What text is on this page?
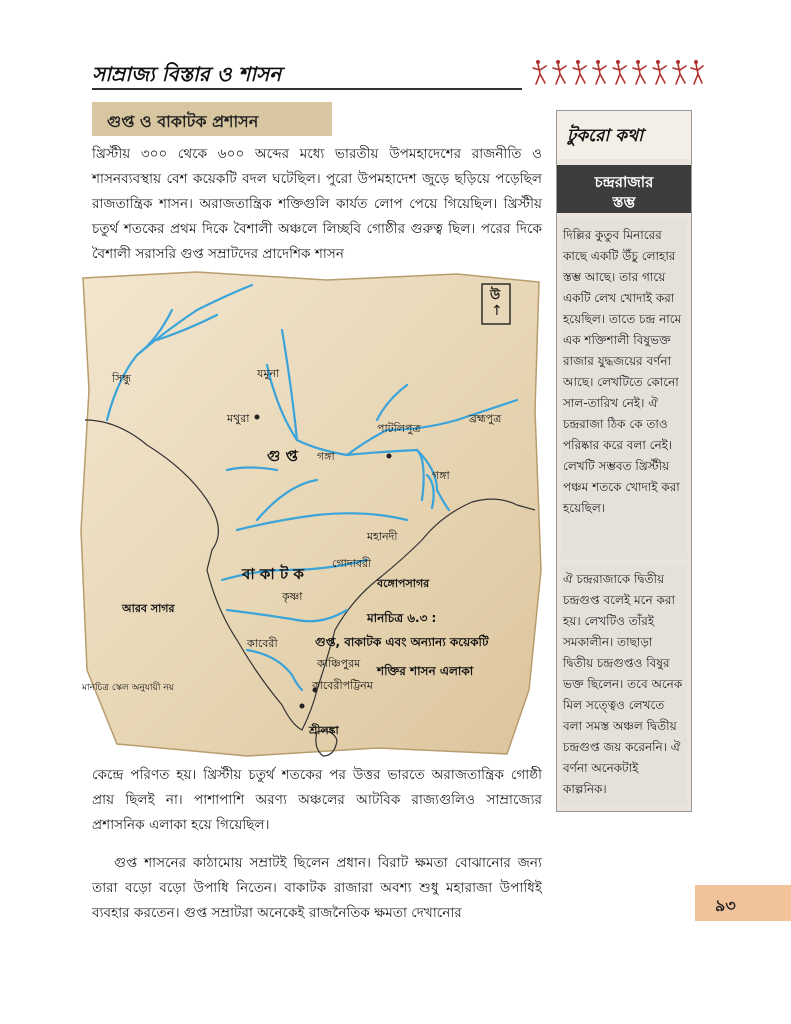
সাম্রাজ্য বিস্তার ও শাসন
গুপ্ত ও বাকাটক প্রশাসন

খ্রিস্টীয় ৩০০ থেকে ৬০০ অব্দের মধ্যে ভারতীয় উপমহাদেশের রাজনীতি ও শাসনব্যবস্থায় বেশ কয়েকটি বদল ঘটেছিল। পুরো উপমহাদেশ জুড়ে ছড়িয়ে পড়েছিল রাজতান্ত্রিক শাসন। অরাজতান্ত্রিক শক্তিগুলি কার্যত লোপ পেয়ে গিয়েছিল। খ্রিস্টীয় চতুর্থ শতকের প্রথম দিকে বৈশালী অঞ্চলে লিচ্ছবি গোষ্ঠীর গুরুত্ব ছিল। পরের দিকে বৈশালী সরাসরি গুপ্ত সম্রাটদের প্রাদেশিক শাসন

উ
↑
সিন্ধু	যমুনা
মথুরা
গঙ্গা
পাটলিপুত্র
ব্রহ্মপুত্র
গু প্ত
গঙ্গা
মহানদী
বা কা ট ক
গোদাবরী
কৃষ্ণা
বঙ্গোপসাগর
আরব সাগর
কাবেরী
কাঞ্চিপুরম
কাবেরীপট্টিনম
শ্রীলঙ্কা
মানচিত্র ৬.৩ :
গুপ্ত, বাকাটক এবং অন্যান্য কয়েকটি
শক্তির শাসন এলাকা
মানচিত্র স্কেল অনুযায়ী নয়

কেন্দ্রে পরিণত হয়। খ্রিস্টীয় চতুর্থ শতকের পর উত্তর ভারতে অরাজতান্ত্রিক গোষ্ঠী প্রায় ছিলই না। পাশাপাশি অরণ্য অঞ্চলের আটবিক রাজ্যগুলিও সাম্রাজ্যের প্রশাসনিক এলাকা হয়ে গিয়েছিল।

গুপ্ত শাসনের কাঠামোয় সম্রাটই ছিলেন প্রধান। বিরাট ক্ষমতা বোঝানোর জন্য তারা বড়ো বড়ো উপাধি নিতেন। বাকাটক রাজারা অবশ্য শুধু মহারাজা উপাধিই ব্যবহার করতেন। গুপ্ত সম্রাটরা অনেকেই রাজনৈতিক ক্ষমতা দেখানোর

টুকরো কথা
চন্দ্ররাজার
স্তম্ভ

দিল্লির কুতুব মিনারের কাছে একটি উঁচু লোহার স্তম্ভ আছে। তার গায়ে একটি লেখ খোদাই করা হয়েছিল। তাতে চন্দ্র নামে এক শক্তিশালী বিষুভক্ত রাজার যুদ্ধজয়ের বর্ণনা আছে। লেখটিতে কোনো সাল-তারিখ নেই। ঐ চন্দ্ররাজা ঠিক কে তাও পরিষ্কার করে বলা নেই। লেখটি সম্ভবত খ্রিস্টীয় পঞ্চম শতকে খোদাই করা হয়েছিল।

ঐ চন্দ্ররাজাকে দ্বিতীয় চন্দ্রগুপ্ত বলেই মনে করা হয়। লেখটিও তাঁরই সমকালীন। তাছাড়া দ্বিতীয় চন্দ্রগুপ্তও বিষুর ভক্ত ছিলেন। তবে অনেক মিল সত্ত্বেও লেখতে বলা সমস্ত অঞ্চল দ্বিতীয় চন্দ্রগুপ্ত জয় করেননি। ঐ বর্ণনা অনেকটাই কাল্পনিক।

৯৩
